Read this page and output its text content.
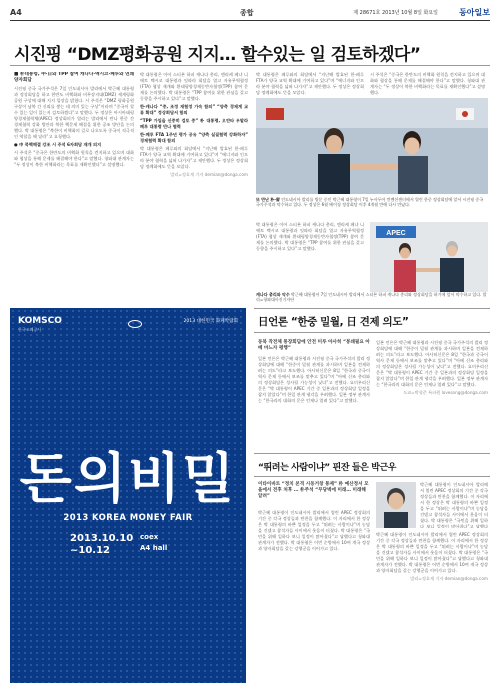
A4	종합	제 28671호 2013년 10월 8일 화요일	동아일보
시진핑 “DMZ평화공원 지지… 할수있는 일 검토하겠다”
■ 朴대통령, 中·日와 TPP 참여 캐나다·멕시코·페루와 연쇄 양자회담
시진핑 중국 국가주석은 7일 인도네시아 발리에서 박근혜 대통령과 정상회담을 하고 한반도 비핵화와 비무장지대(DMZ) 세계평화공원 구상에 대해 지지 입장을 밝혔다. 시 주석은 “DMZ 평화공원 구상이 남북 간 신뢰를 쌓는 데 의미 있는 구상”이라며 “중국이 할 수 있는 일이 있는지 검토하겠다”고 말했다. 두 정상은 아시아태평양경제협력체(APEC) 정상회의가 열리는 발리에서 만나 한중 간 경제협력 강화 방안과 북한 핵문제 해결을 위한 공조 방안을 논의했다. 박 대통령은 “북한이 비핵화의 길로 나오도록 중국이 적극적인 역할을 해 달라”고 요청했다.
● 中 북핵해결 강조 시 주석 6자회담 재개 의지
시 주석은 “중국은 한반도의 비핵화 원칙을 견지하고 있으며 대화와 협상을 통해 문제를 해결해야 한다”고 말했다. 청와대 관계자는 “두 정상이 북한 비핵화라는 목표를 재확인했다”고 설명했다.
박 대통령은 이어 스티븐 하퍼 캐나다 총리, 엔리케 페냐 니에토 멕시코 대통령과 잇따라 회담을 열고 자유무역협정(FTA) 협상 재개와 환태평양경제동반자협정(TPP) 참여 문제를 논의했다. 박 대통령은 “TPP 참여를 위한 관심을 갖고 동향을 주시하고 있다”고 말했다.
한·캐나다 “중, 조정 재협정 가속 합의” “양측 경제계 교류 확대” 정상회담서 합의
“TPP 가입을 신중히 검토 중” 朴 대통령, 오얀타 우말라 페루 대통령 만나 협력
한·페루 FTA 1주년 평가 공유 “양측 실질협력 강화하자” 경제협력 확대 합의
박 대통령은 페루와의 회담에서 “지난해 발효된 한·페루 FTA가 양국 교역 확대에 기여하고 있다”며 “에너지와 인프라 분야 협력을 넓혀 나가자”고 제안했다. 두 정상은 정상회담 정례화에도 뜻을 모았다.
발리=정호재 기자 demian@donga.com
박 대통령은 페루와의 회담에서 “지난해 발효된 한·페루 FTA가 양국 교역 확대에 기여하고 있다”며 “에너지와 인프라 분야 협력을 넓혀 나가자”고 제안했다. 두 정상은 정상회담 정례화에도 뜻을 모았다.
시 주석은 “중국은 한반도의 비핵화 원칙을 견지하고 있으며 대화와 협상을 통해 문제를 해결해야 한다”고 말했다. 청와대 관계자는 “두 정상이 북한 비핵화라는 목표를 재확인했다”고 설명했다.
또 만난 朴·習 인도네시아 발리를 방문 중인 박근혜 대통령이 7일 누사두아 컨벤션센터에서 열린 한중 정상회담에 앞서 시진핑 중국 국가주석과 악수하고 있다. 두 정상은 6월 베이징 정상회담 이후 4개월 만에 다시 만났다.
APEC
캐나다 총리와 악수 박근혜 대통령이 7일 인도네시아 발리에서 스티븐 하퍼 캐나다 총리와 정상회담을 하기에 앞서 악수하고 있다. 발리=청와대사진기자단
박 대통령은 이어 스티븐 하퍼 캐나다 총리, 엔리케 페냐 니에토 멕시코 대통령과 잇따라 회담을 열고 자유무역협정(FTA) 협상 재개와 환태평양경제동반자협정(TPP) 참여 문제를 논의했다. 박 대통령은 “TPP 참여를 위한 관심을 갖고 동향을 주시하고 있다”고 말했다.
KOMSCO
한국조폐공사
2013 대한민국 화폐박람회
돈의비밀
2013 KOREA MONEY FAIR
2013.10.10
~10.12
coex
A4 hall
日언론 “한중 밀월, 日 견제 의도”
동북 작전체 통장회담에 안전 미루 아사히 “봉쇄필요 아베 마느자 평행”
일본 언론은 박근혜 대통령과 시진핑 중국 국가주석의 발리 정상회담에 대해 “한중이 밀월 관계를 과시하며 일본을 견제하려는 의도”라고 보도했다. 아사히신문은 8일 “한국과 중국이 역사 문제 등에서 보조를 맞추고 있다”며 “아베 신조 총리와의 정상회담은 성사될 가능성이 낮다”고 전했다. 요미우리신문은 “박 대통령이 APEC 기간 중 일본과의 정상회담 일정을 잡지 않았다”며 한일 관계 냉각을 우려했다. 일본 정부 관계자는 “한국과의 대화의 문은 언제나 열려 있다”고 말했다.
일본 언론은 박근혜 대통령과 시진핑 중국 국가주석의 발리 정상회담에 대해 “한중이 밀월 관계를 과시하며 일본을 견제하려는 의도”라고 보도했다. 아사히신문은 8일 “한국과 중국이 역사 문제 등에서 보조를 맞추고 있다”며 “아베 신조 총리와의 정상회담은 성사될 가능성이 낮다”고 전했다. 요미우리신문은 “박 대통령이 APEC 기간 중 일본과의 정상회담 일정을 잡지 않았다”며 한일 관계 냉각을 우려했다. 일본 정부 관계자는 “한국과의 대화의 문은 언제나 열려 있다”고 말했다.
도쿄=박형준 특파원 lovesong@donga.com
“뛰려는 사람이냐” 핀잔 들은 박근우
이타이바트 “정치 본격 시동거창 통제” 朴 예산정서 모을에서 전후 처후 … 朴주석 “무당벽에 미래… 미래해 알려”
박근혜 대통령이 인도네시아 발리에서 열린 APEC 정상회의 기간 중 각국 정상들과 만찬을 함께했다. 이 자리에서 한 정상은 박 대통령의 바쁜 일정을 두고 “뛰려는 사람이냐”며 농담을 건넸고 참석자들 사이에서 웃음이 터졌다. 박 대통령은 “국민을 위해 일하다 보니 일정이 많아졌다”고 답했다고 청와대 관계자가 전했다. 박 대통령은 이번 순방에서 10여 개국 정상과 양자회담을 갖는 강행군을 이어가고 있다.
박근혜 대통령이 인도네시아 발리에서 열린 APEC 정상회의 기간 중 각국 정상들과 만찬을 함께했다. 이 자리에서 한 정상은 박 대통령의 바쁜 일정을 두고 “뛰려는 사람이냐”며 농담을 건넸고 참석자들 사이에서 웃음이 터졌다. 박 대통령은 “국민을 위해 일하다 보니 일정이 많아졌다”고 답했다
박근혜 대통령이 인도네시아 발리에서 열린 APEC 정상회의 기간 중 각국 정상들과 만찬을 함께했다. 이 자리에서 한 정상은 박 대통령의 바쁜 일정을 두고 “뛰려는 사람이냐”며 농담을 건넸고 참석자들 사이에서 웃음이 터졌다. 박 대통령은 “국민을 위해 일하다 보니 일정이 많아졌다”고 답했다고 청와대 관계자가 전했다. 박 대통령은 이번 순방에서 10여 개국 정상과 양자회담을 갖는 강행군을 이어가고 있다.
발리=정호재 기자 demian@donga.com
